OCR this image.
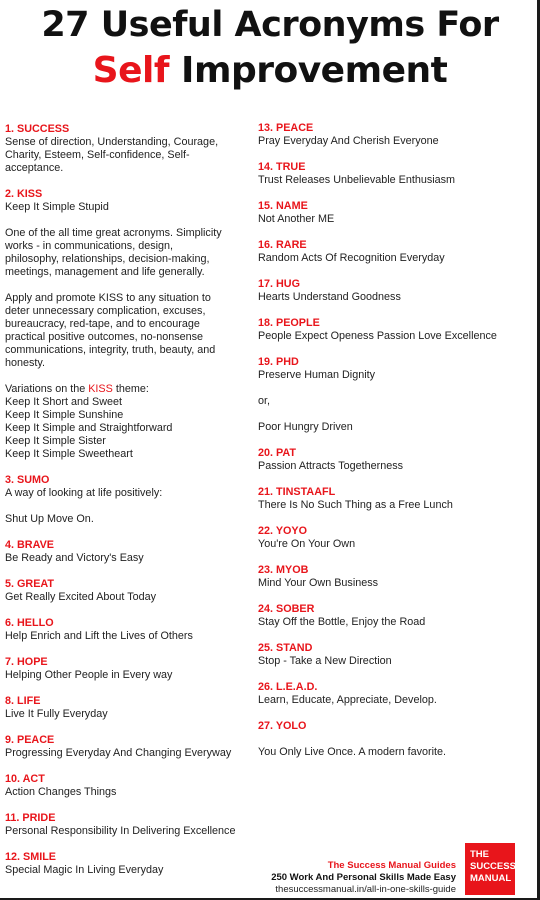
27 Useful Acronyms For
Self Improvement
1. SUCCESS
Sense of direction, Understanding, Courage,
Charity, Esteem, Self-confidence, Self-
acceptance.
2. KISS
Keep It Simple Stupid
One of the all time great acronyms. Simplicity
works - in communications, design,
philosophy, relationships, decision-making,
meetings, management and life generally.
Apply and promote KISS to any situation to
deter unnecessary complication, excuses,
bureaucracy, red-tape, and to encourage
practical positive outcomes, no-nonsense
communications, integrity, truth, beauty, and
honesty.
Variations on the KISS theme:
Keep It Short and Sweet
Keep It Simple Sunshine
Keep It Simple and Straightforward
Keep It Simple Sister
Keep It Simple Sweetheart
3. SUMO
A way of looking at life positively:
Shut Up Move On.
4. BRAVE
Be Ready and Victory's Easy
5. GREAT
Get Really Excited About Today
6. HELLO
Help Enrich and Lift the Lives of Others
7. HOPE
Helping Other People in Every way
8. LIFE
Live It Fully Everyday
9. PEACE
Progressing Everyday And Changing Everyway
10. ACT
Action Changes Things
11. PRIDE
Personal Responsibility In Delivering Excellence
12. SMILE
Special Magic In Living Everyday
13. PEACE
Pray Everyday And Cherish Everyone
14. TRUE
Trust Releases Unbelievable Enthusiasm
15. NAME
Not Another ME
16. RARE
Random Acts Of Recognition Everyday
17. HUG
Hearts Understand Goodness
18. PEOPLE
People Expect Openess Passion Love Excellence
19. PHD
Preserve Human Dignity
or,
Poor Hungry Driven
20. PAT
Passion Attracts Togetherness
21. TINSTAAFL
There Is No Such Thing as a Free Lunch
22. YOYO
You're On Your Own
23. MYOB
Mind Your Own Business
24. SOBER
Stay Off the Bottle, Enjoy the Road
25. STAND
Stop - Take a New Direction
26. L.E.A.D.
Learn, Educate, Appreciate, Develop.
27. YOLO
You Only Live Once. A modern favorite.
The Success Manual Guides
250 Work And Personal Skills Made Easy
thesuccessmanual.in/all-in-one-skills-guide
THE
SUCCESS
MANUAL
